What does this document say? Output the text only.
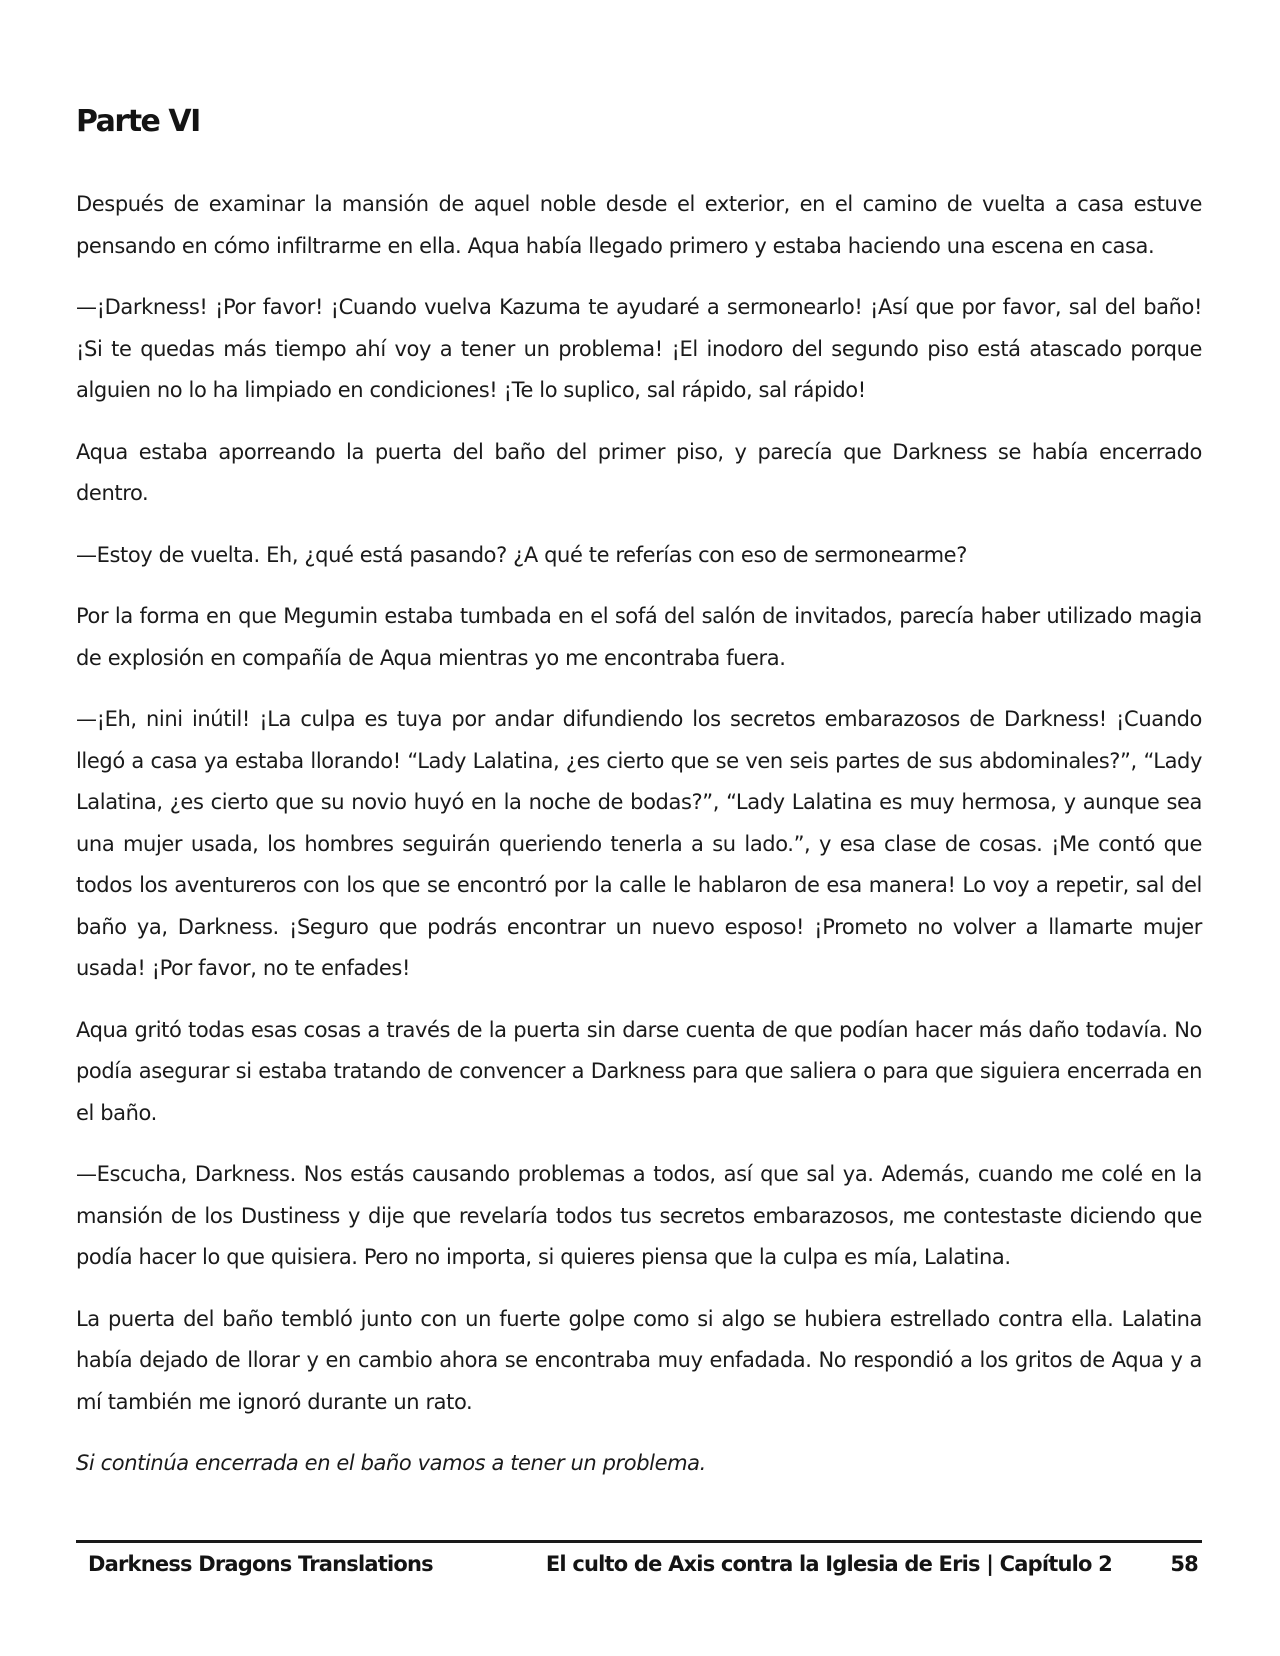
Parte VI

Después de examinar la mansión de aquel noble desde el exterior, en el camino de vuelta a casa estuve pensando en cómo infiltrarme en ella. Aqua había llegado primero y estaba haciendo una escena en casa.

—¡Darkness! ¡Por favor! ¡Cuando vuelva Kazuma te ayudaré a sermonearlo! ¡Así que por favor, sal del baño! ¡Si te quedas más tiempo ahí voy a tener un problema! ¡El inodoro del segundo piso está atascado porque alguien no lo ha limpiado en condiciones! ¡Te lo suplico, sal rápido, sal rápido!

Aqua estaba aporreando la puerta del baño del primer piso, y parecía que Darkness se había encerrado dentro.

—Estoy de vuelta. Eh, ¿qué está pasando? ¿A qué te referías con eso de sermonearme?

Por la forma en que Megumin estaba tumbada en el sofá del salón de invitados, parecía haber utilizado magia de explosión en compañía de Aqua mientras yo me encontraba fuera.

—¡Eh, nini inútil! ¡La culpa es tuya por andar difundiendo los secretos embarazosos de Darkness! ¡Cuando llegó a casa ya estaba llorando! “Lady Lalatina, ¿es cierto que se ven seis partes de sus abdominales?”, “Lady Lalatina, ¿es cierto que su novio huyó en la noche de bodas?”, “Lady Lalatina es muy hermosa, y aunque sea una mujer usada, los hombres seguirán queriendo tenerla a su lado.”, y esa clase de cosas. ¡Me contó que todos los aventureros con los que se encontró por la calle le hablaron de esa manera! Lo voy a repetir, sal del baño ya, Darkness. ¡Seguro que podrás encontrar un nuevo esposo! ¡Prometo no volver a llamarte mujer usada! ¡Por favor, no te enfades!

Aqua gritó todas esas cosas a través de la puerta sin darse cuenta de que podían hacer más daño todavía. No podía asegurar si estaba tratando de convencer a Darkness para que saliera o para que siguiera encerrada en el baño.

—Escucha, Darkness. Nos estás causando problemas a todos, así que sal ya. Además, cuando me colé en la mansión de los Dustiness y dije que revelaría todos tus secretos embarazosos, me contestaste diciendo que podía hacer lo que quisiera. Pero no importa, si quieres piensa que la culpa es mía, Lalatina.

La puerta del baño tembló junto con un fuerte golpe como si algo se hubiera estrellado contra ella. Lalatina había dejado de llorar y en cambio ahora se encontraba muy enfadada. No respondió a los gritos de Aqua y a mí también me ignoró durante un rato.

Si continúa encerrada en el baño vamos a tener un problema.

Darkness Dragons Translations	El culto de Axis contra la Iglesia de Eris | Capítulo 2	58
